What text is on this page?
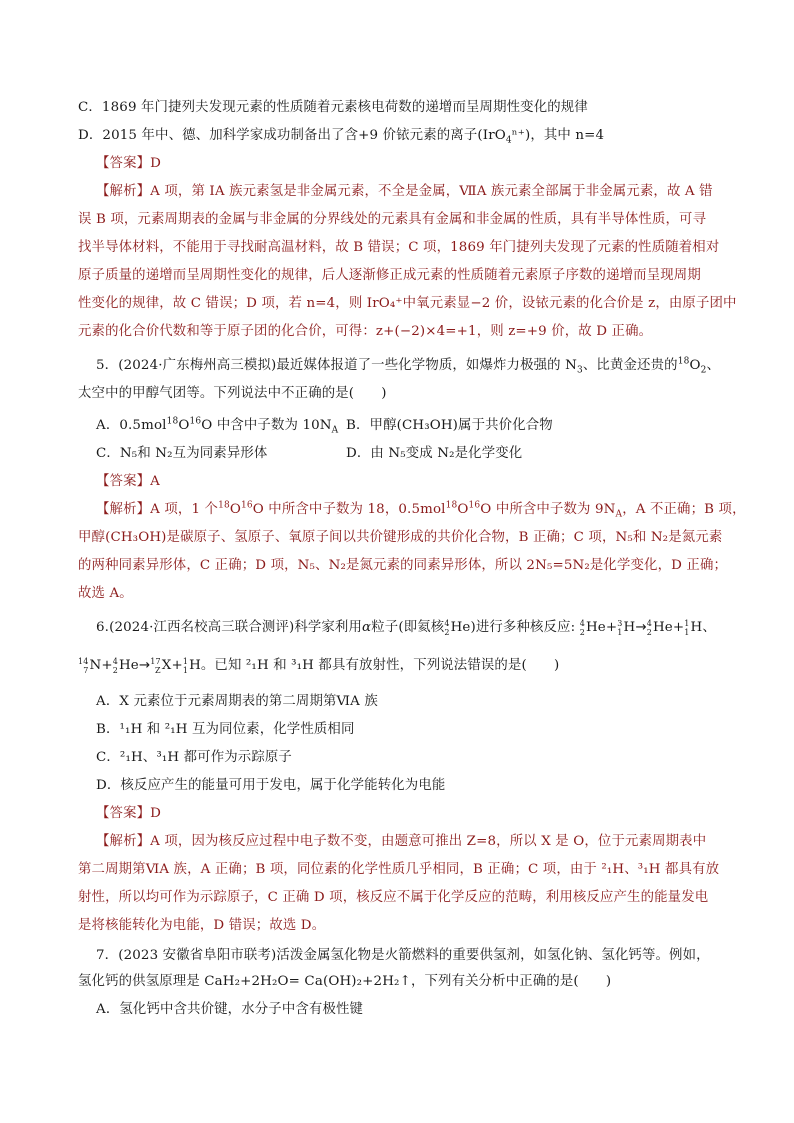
C．1869 年门捷列夫发现元素的性质随着元素核电荷数的递增而呈周期性变化的规律
D．2015 年中、德、加科学家成功制备出了含+9 价铱元素的离子(IrO$_4$ⁿ⁺)，其中 n=4
【答案】D
【解析】A 项，第 IA 族元素氢是非金属元素，不全是金属，ⅦA 族元素全部属于非金属元素，故 A 错
误 B 项，元素周期表的金属与非金属的分界线处的元素具有金属和非金属的性质，具有半导体性质，可寻
找半导体材料，不能用于寻找耐高温材料，故 B 错误；C 项，1869 年门捷列夫发现了元素的性质随着相对
原子质量的递增而呈周期性变化的规律，后人逐渐修正成元素的性质随着元素原子序数的递增而呈现周期
性变化的规律，故 C 错误；D 项，若 n=4，则 IrO₄⁺中氧元素显−2 价，设铱元素的化合价是 z，由原子团中
元素的化合价代数和等于原子团的化合价，可得：z+(−2)×4=+1，则 z=+9 价，故 D 正确。
5．(2024·广东梅州高三模拟)最近媒体报道了一些化学物质，如爆炸力极强的 $N_3$、比黄金还贵的$^{18}O_2$、
太空中的甲醇气团等。下列说法中不正确的是(　　)
A．$0.5mol^{18}O^{16}O$ 中含中子数为 $10N_A$ B．甲醇(CH₃OH)属于共价化合物
C．N₅和 N₂互为同素异形体	D．由 N₅变成 N₂是化学变化
【答案】A
【解析】A 项，1 个$^{18}O^{16}O$ 中所含中子数为 18，$0.5mol^{18}O^{16}O$ 中所含中子数为 $9N_A$，A 不正确；B 项，
甲醇(CH₃OH)是碳原子、氢原子、氧原子间以共价键形成的共价化合物，B 正确；C 项，N₅和 N₂是氮元素
的两种同素异形体，C 正确；D 项，N₅、N₂是氮元素的同素异形体，所以 2N₅=5N₂是化学变化，D 正确；
故选 A。
6.(2024·江西名校高三联合测评)科学家利用α粒子(即氦核 4
2 He)进行多种核反应: 4
2 He+ 3
1 H→ 4
2 He+ 1
1 H、
14
7 N+ 4
2 He→ 17
Z X+ 1
1 H。已知 ²₁H 和 ³₁H 都具有放射性，下列说法错误的是(　　)
A．X 元素位于元素周期表的第二周期第ⅥA 族
B．¹₁H 和 ²₁H 互为同位素，化学性质相同
C．²₁H、³₁H 都可作为示踪原子
D．核反应产生的能量可用于发电，属于化学能转化为电能
【答案】D
【解析】A 项，因为核反应过程中电子数不变，由题意可推出 Z=8，所以 X 是 O，位于元素周期表中
第二周期第ⅥA 族，A 正确；B 项，同位素的化学性质几乎相同，B 正确；C 项，由于 ²₁H、³₁H 都具有放
射性，所以均可作为示踪原子，C 正确 D 项，核反应不属于化学反应的范畴，利用核反应产生的能量发电
是将核能转化为电能，D 错误；故选 D。
7．(2023 安徽省阜阳市联考)活泼金属氢化物是火箭燃料的重要供氢剂，如氢化钠、氢化钙等。例如，
氢化钙的供氢原理是 CaH₂+2H₂O= Ca(OH)₂+2H₂↑，下列有关分析中正确的是(　　)
A．氢化钙中含共价键，水分子中含有极性键
